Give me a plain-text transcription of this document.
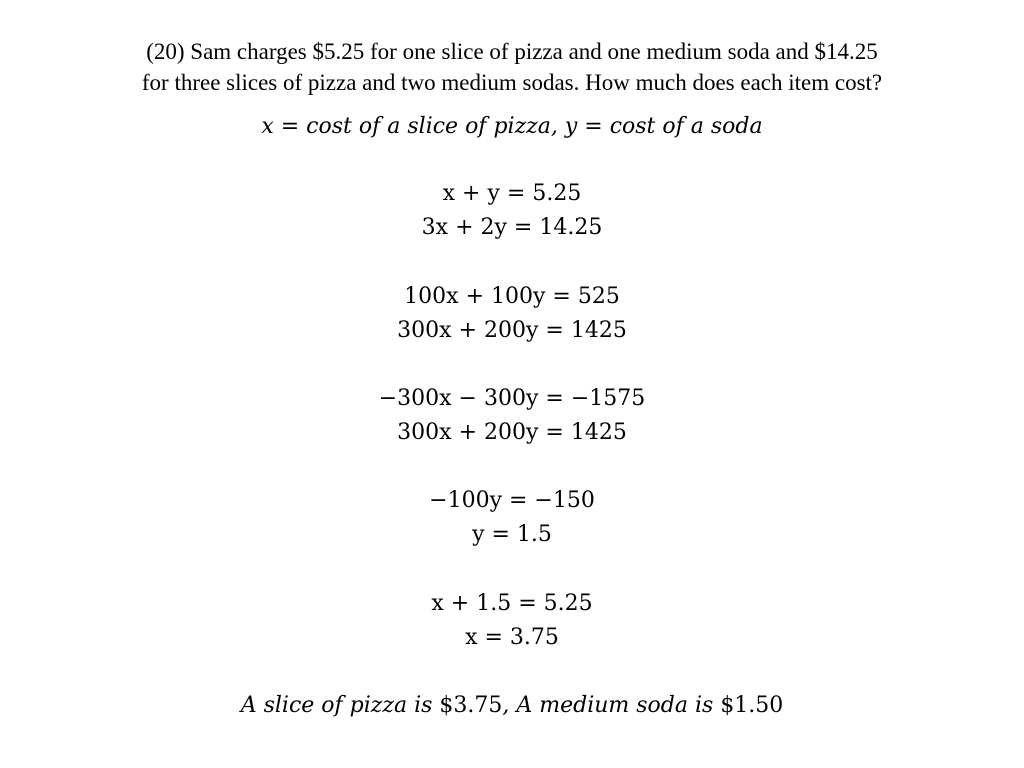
(20) Sam charges $5.25 for one slice of pizza and one medium soda and $14.25
for three slices of pizza and two medium sodas. How much does each item cost?
x = cost of a slice of pizza, y = cost of a soda
x + y = 5.25
3x + 2y = 14.25
100x + 100y = 525
300x + 200y = 1425
−300x − 300y = −1575
300x + 200y = 1425
−100y = −150
y = 1.5
x + 1.5 = 5.25
x = 3.75
A slice of pizza is $3.75, A medium soda is $1.50
